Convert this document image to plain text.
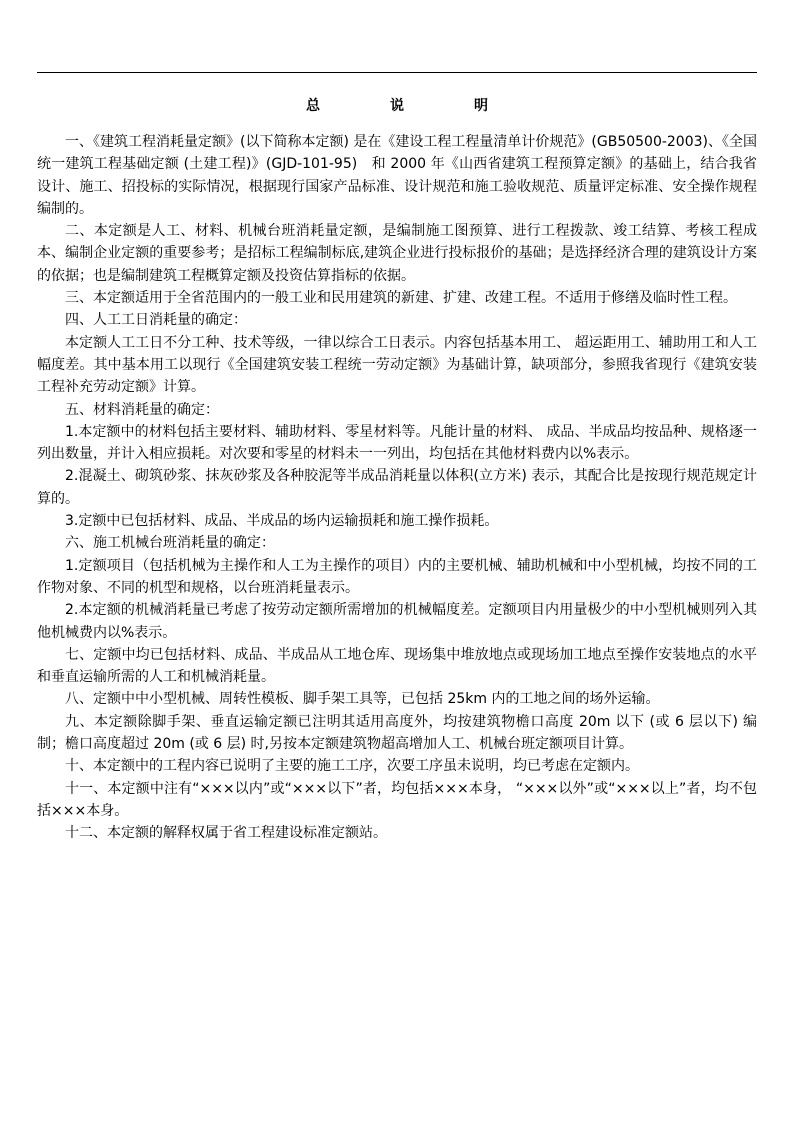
总　说　明

一、《建筑工程消耗量定额》(以下简称本定额) 是在《建设工程工程量清单计价规范》(GB50500-2003)、《全国统一建筑工程基础定额 (土建工程)》(GJD-101-95)　和 2000 年《山西省建筑工程预算定额》的基础上，结合我省设计、施工、招投标的实际情况，根据现行国家产品标准、设计规范和施工验收规范、质量评定标准、安全操作规程编制的。

二、本定额是人工、材料、机械台班消耗量定额，是编制施工图预算、进行工程拨款、竣工结算、考核工程成本、编制企业定额的重要参考；是招标工程编制标底,建筑企业进行投标报价的基础；是选择经济合理的建筑设计方案的依据；也是编制建筑工程概算定额及投资估算指标的依据。

三、本定额适用于全省范围内的一般工业和民用建筑的新建、扩建、改建工程。不适用于修缮及临时性工程。

四、人工工日消耗量的确定：

本定额人工工日不分工种、技术等级，一律以综合工日表示。内容包括基本用工、 超运距用工、辅助用工和人工幅度差。其中基本用工以现行《全国建筑安装工程统一劳动定额》为基础计算，缺项部分，参照我省现行《建筑安装工程补充劳动定额》计算。

五、材料消耗量的确定：

1.本定额中的材料包括主要材料、辅助材料、零星材料等。凡能计量的材料、 成品、半成品均按品种、规格逐一列出数量，并计入相应损耗。对次要和零星的材料未一一列出，均包括在其他材料费内以%表示。

2.混凝土、砌筑砂浆、抹灰砂浆及各种胶泥等半成品消耗量以体积(立方米) 表示，其配合比是按现行规范规定计算的。

3.定额中已包括材料、成品、半成品的场内运输损耗和施工操作损耗。

六、施工机械台班消耗量的确定：

1.定额项目（包括机械为主操作和人工为主操作的项目）内的主要机械、辅助机械和中小型机械，均按不同的工作物对象、不同的机型和规格，以台班消耗量表示。

2.本定额的机械消耗量已考虑了按劳动定额所需增加的机械幅度差。定额项目内用量极少的中小型机械则列入其他机械费内以%表示。

七、定额中均已包括材料、成品、半成品从工地仓库、现场集中堆放地点或现场加工地点至操作安装地点的水平和垂直运输所需的人工和机械消耗量。

八、定额中中小型机械、周转性模板、脚手架工具等，已包括 25km 内的工地之间的场外运输。

九、本定额除脚手架、垂直运输定额已注明其适用高度外，均按建筑物檐口高度 20m 以下 (或 6 层以下) 编制；檐口高度超过 20m (或 6 层) 时,另按本定额建筑物超高增加人工、机械台班定额项目计算。

十、本定额中的工程内容已说明了主要的施工工序，次要工序虽未说明，均已考虑在定额内。

十一、本定额中注有“×××以内”或“×××以下”者，均包括×××本身， “×××以外”或“×××以上”者，均不包括×××本身。

十二、本定额的解释权属于省工程建设标准定额站。
